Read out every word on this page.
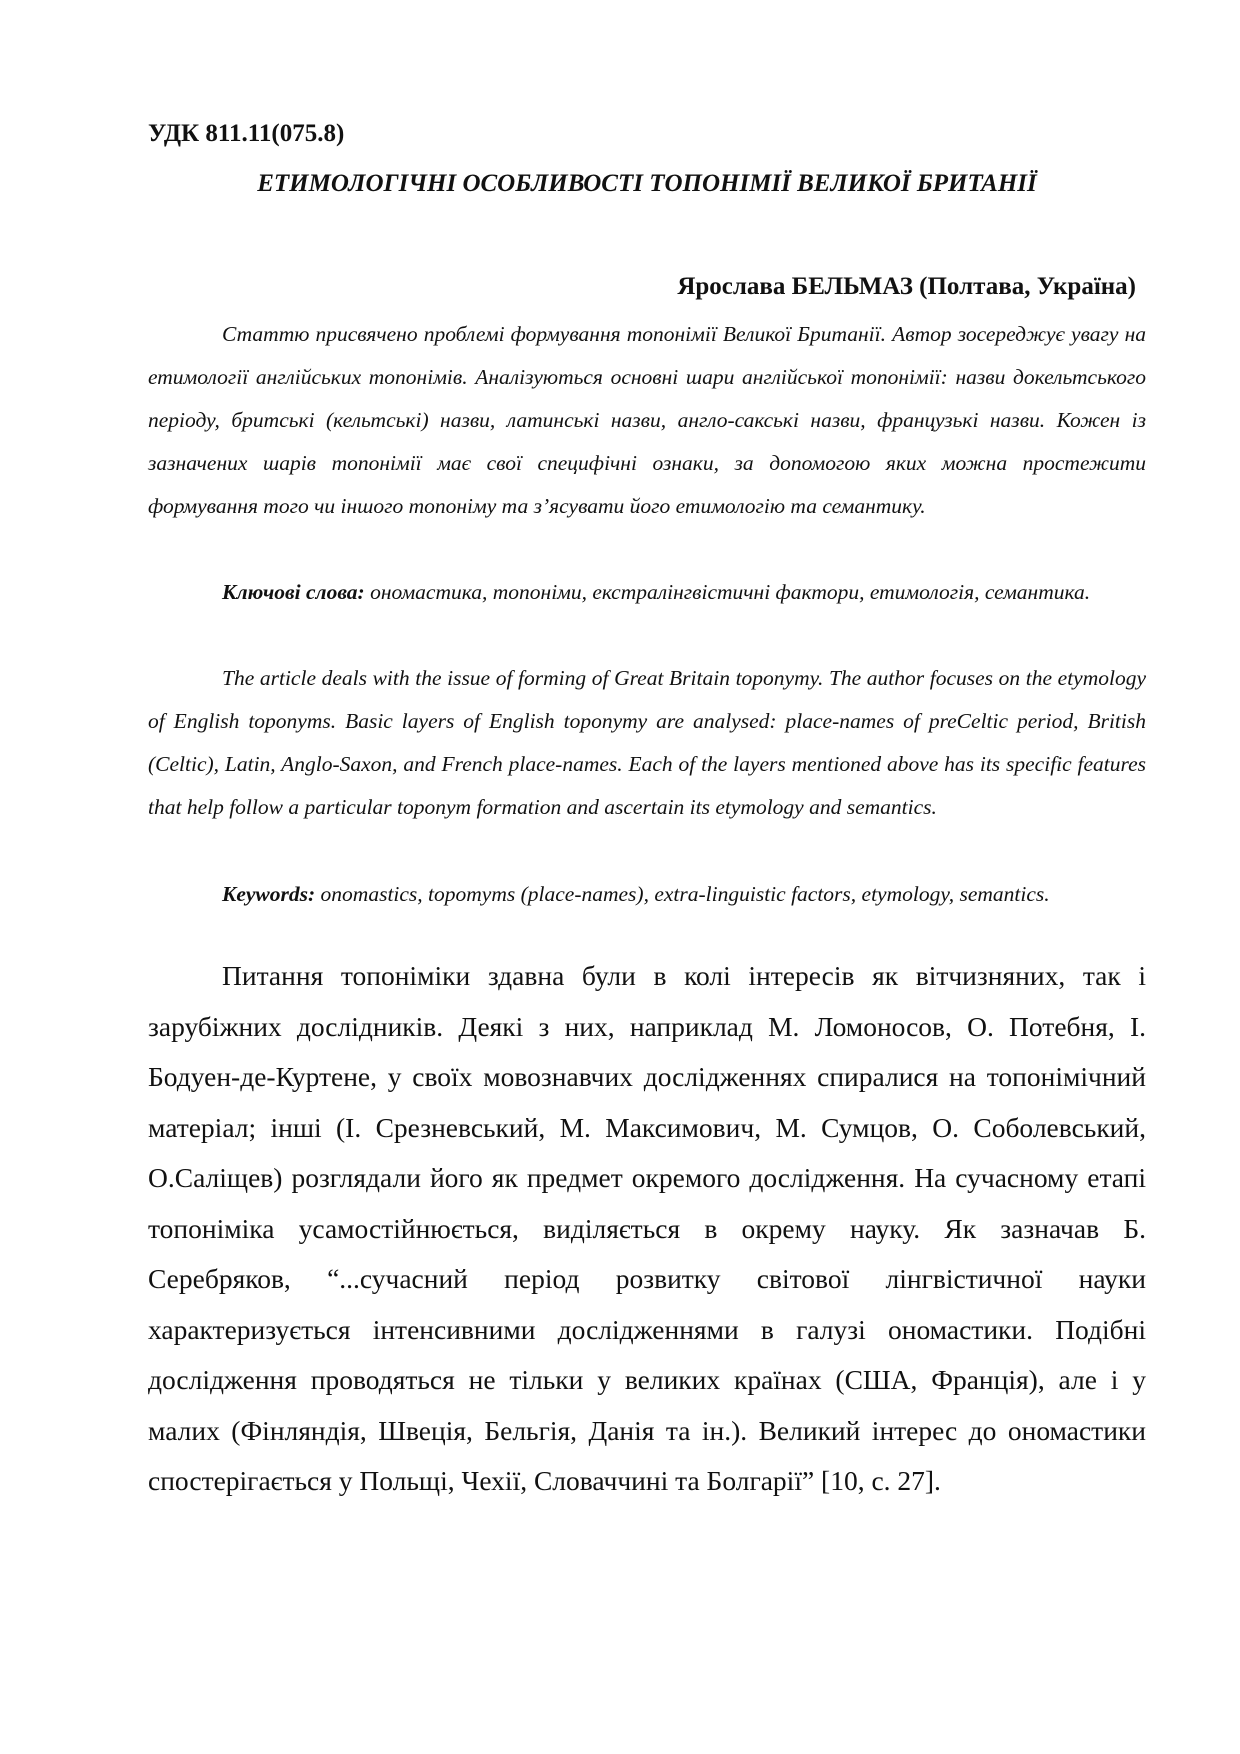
УДК 811.11(075.8)
ЕТИМОЛОГІЧНІ ОСОБЛИВОСТІ ТОПОНІМІЇ ВЕЛИКОЇ БРИТАНІЇ
Ярослава БЕЛЬМАЗ (Полтава, Україна)

Статтю присвячено проблемі формування топонімії Великої Британії. Автор зосереджує увагу на етимології англійських топонімів. Аналізуються основні шари англійської топонімії: назви докельтського періоду, бритські (кельтські) назви, латинські назви, англо-сакські назви, французькі назви. Кожен із зазначених шарів топонімії має свої специфічні ознаки, за допомогою яких можна простежити формування того чи іншого топоніму та з’ясувати його етимологію та семантику.

Ключові слова: ономастика, топоніми, екстралінгвістичні фактори, етимологія, семантика.

The article deals with the issue of forming of Great Britain toponymy. The author focuses on the etymology of English toponyms. Basic layers of English toponymy are analysed: place-names of preCeltic period, British (Celtic), Latin, Anglo-Saxon, and French place-names. Each of the layers mentioned above has its specific features that help follow a particular toponym formation and ascertain its etymology and semantics.

Keywords: onomastics, topomyms (place-names), extra-linguistic factors, etymology, semantics.

Питання топоніміки здавна були в колі інтересів як вітчизняних, так і зарубіжних дослідників. Деякі з них, наприклад М. Ломоносов, О. Потебня, І. Бодуен-де-Куртене, у своїх мовознавчих дослідженнях спиралися на топонімічний матеріал; інші (І. Срезневський, М. Максимович, М. Сумцов, О. Соболевський, О.Саліщев) розглядали його як предмет окремого дослідження. На сучасному етапі топоніміка усамостійнюється, виділяється в окрему науку. Як зазначав Б. Серебряков, “...сучасний період розвитку світової лінгвістичної науки характеризується інтенсивними дослідженнями в галузі ономастики. Подібні дослідження проводяться не тільки у великих країнах (США, Франція), але і у малих (Фінляндія, Швеція, Бельгія, Данія та ін.). Великий інтерес до ономастики спостерігається у Польщі, Чехії, Словаччині та Болгарії” [10, с. 27].
